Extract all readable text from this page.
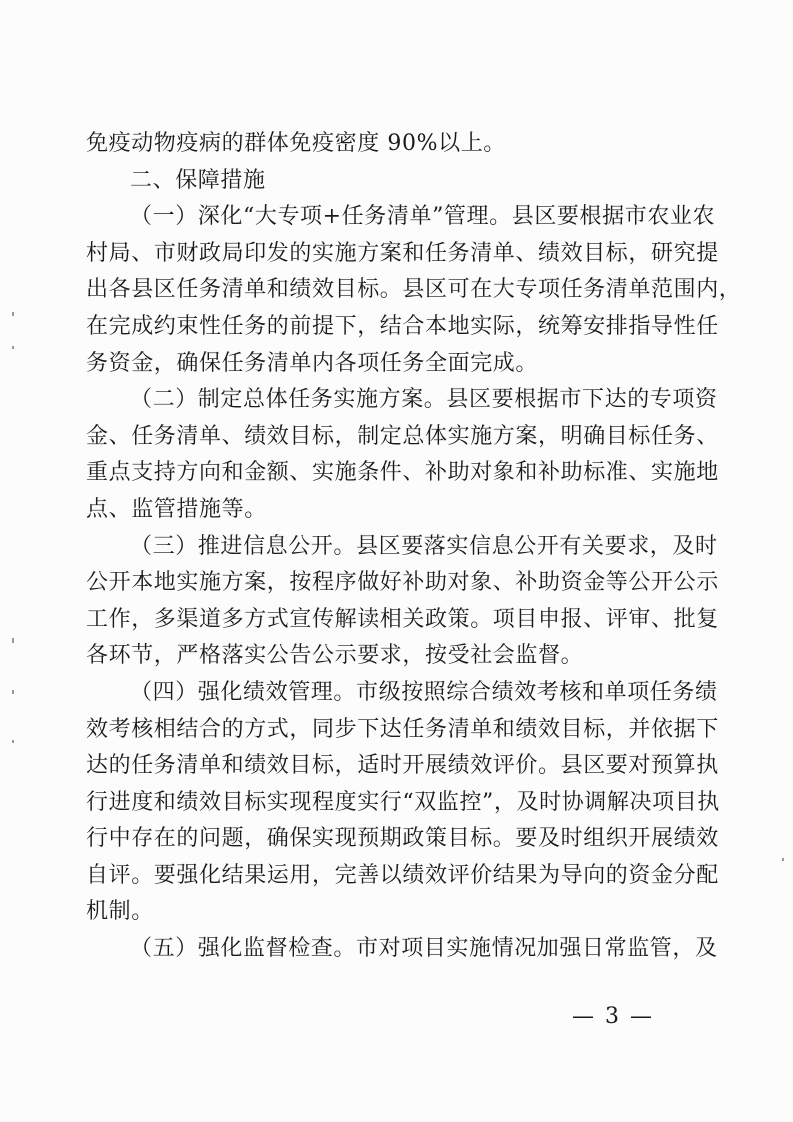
免疫动物疫病的群体免疫密度 90%以上。
二、保障措施
（一）深化“大专项+任务清单”管理。县区要根据市农业农
村局、市财政局印发的实施方案和任务清单、绩效目标，研究提
出各县区任务清单和绩效目标。县区可在大专项任务清单范围内，
在完成约束性任务的前提下，结合本地实际，统筹安排指导性任
务资金，确保任务清单内各项任务全面完成。
（二）制定总体任务实施方案。县区要根据市下达的专项资
金、任务清单、绩效目标，制定总体实施方案，明确目标任务、
重点支持方向和金额、实施条件、补助对象和补助标准、实施地
点、监管措施等。
（三）推进信息公开。县区要落实信息公开有关要求，及时
公开本地实施方案，按程序做好补助对象、补助资金等公开公示
工作，多渠道多方式宣传解读相关政策。项目申报、评审、批复
各环节，严格落实公告公示要求，按受社会监督。
（四）强化绩效管理。市级按照综合绩效考核和单项任务绩
效考核相结合的方式，同步下达任务清单和绩效目标，并依据下
达的任务清单和绩效目标，适时开展绩效评价。县区要对预算执
行进度和绩效目标实现程度实行“双监控”，及时协调解决项目执
行中存在的问题，确保实现预期政策目标。要及时组织开展绩效
自评。要强化结果运用，完善以绩效评价结果为导向的资金分配
机制。
（五）强化监督检查。市对项目实施情况加强日常监管，及
— 3 —
